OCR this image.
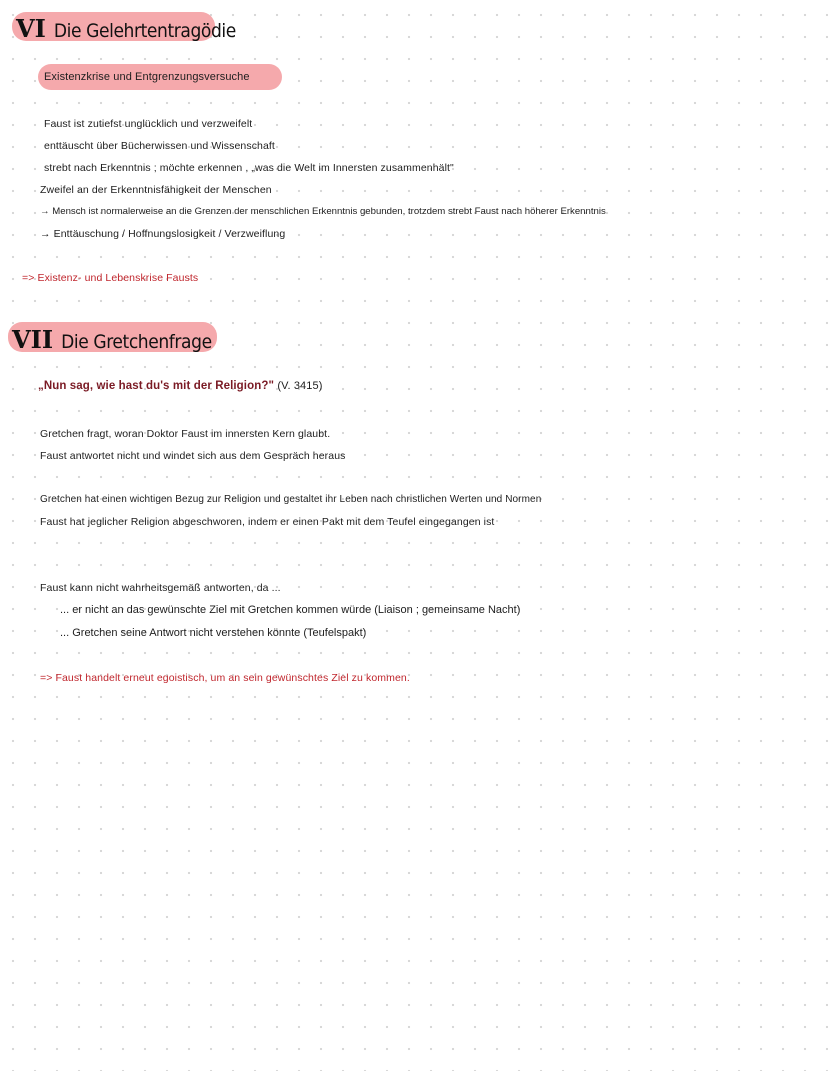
VI Die Gelehrtentragödie
Existenzkrise und Entgrenzungsversuche
Faust ist zutiefst unglücklich und verzweifelt
enttäuscht über Bücherwissen und Wissenschaft
strebt nach Erkenntnis ; möchte erkennen , „was die Welt im Innersten zusammenhält"
Zweifel an der Erkenntnisfähigkeit der Menschen
→ Mensch ist normalerweise an die Grenzen der menschlichen Erkenntnis gebunden, trotzdem strebt Faust nach höherer Erkenntnis
→ Enttäuschung / Hoffnungslosigkeit / Verzweiflung
=> Existenz- und Lebenskrise Fausts
VII Die Gretchenfrage
„Nun sag, wie hast du's mit der Religion?" (V. 3415)
Gretchen fragt, woran Doktor Faust im innersten Kern glaubt.
Faust antwortet nicht und windet sich aus dem Gespräch heraus
Gretchen hat einen wichtigen Bezug zur Religion und gestaltet ihr Leben nach christlichen Werten und Normen
Faust hat jeglicher Religion abgeschworen, indem er einen Pakt mit dem Teufel eingegangen ist
Faust kann nicht wahrheitsgemäß antworten, da ...
... er nicht an das gewünschte Ziel mit Gretchen kommen würde (Liaison ; gemeinsame Nacht)
... Gretchen seine Antwort nicht verstehen könnte (Teufelspakt)
=> Faust handelt erneut egoistisch, um an sein gewünschtes Ziel zu kommen.
